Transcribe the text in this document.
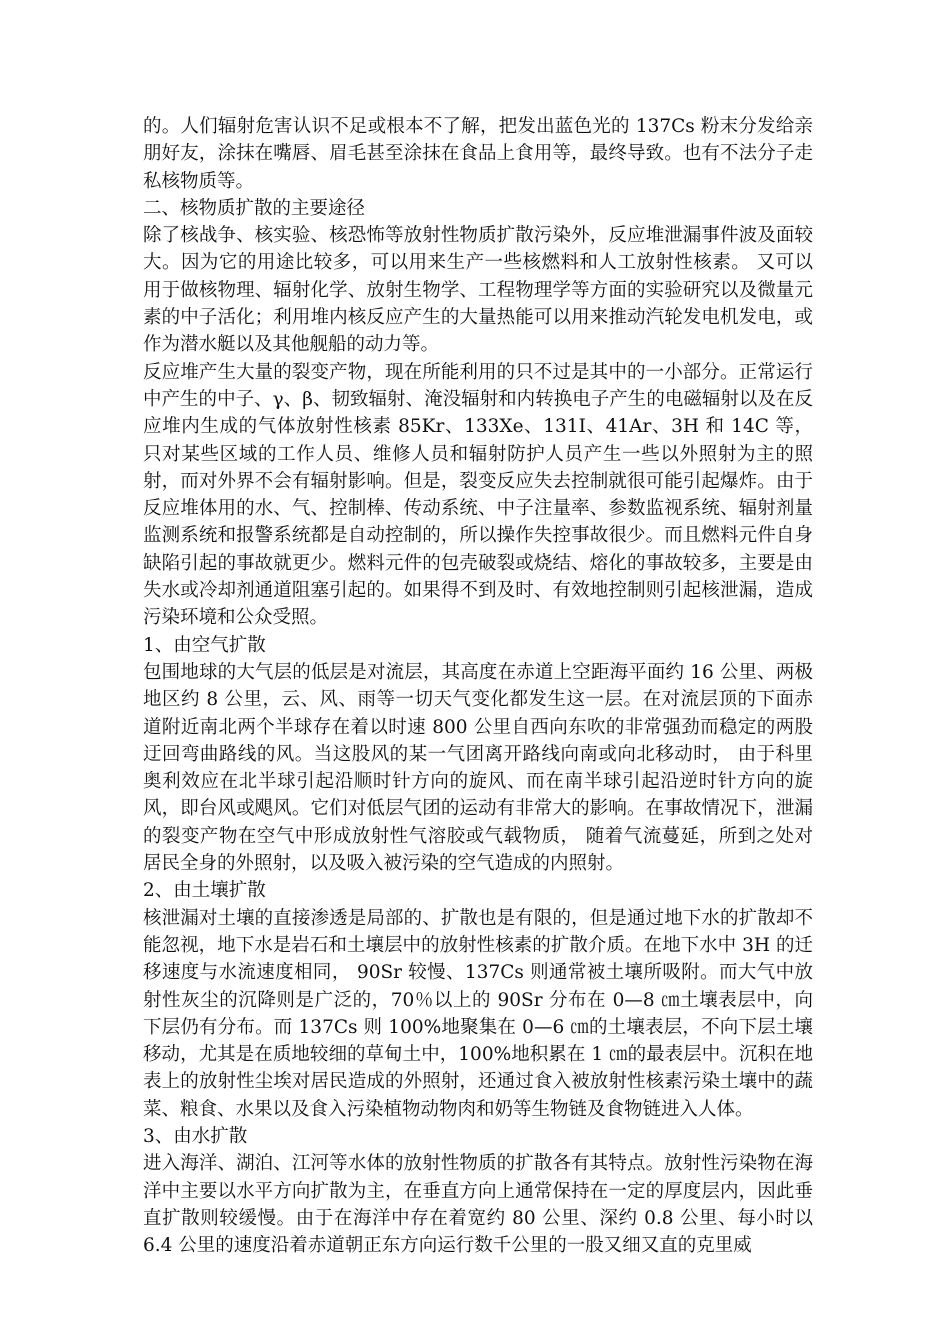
的。人们辐射危害认识不足或根本不了解，把发出蓝色光的 137Cs 粉末分发给亲朋好友，涂抹在嘴唇、眉毛甚至涂抹在食品上食用等，最终导致。也有不法分子走私核物质等。

二、核物质扩散的主要途径

除了核战争、核实验、核恐怖等放射性物质扩散污染外，反应堆泄漏事件波及面较大。因为它的用途比较多，可以用来生产一些核燃料和人工放射性核素。 又可以用于做核物理、辐射化学、放射生物学、工程物理学等方面的实验研究以及微量元素的中子活化；利用堆内核反应产生的大量热能可以用来推动汽轮发电机发电，或作为潜水艇以及其他舰船的动力等。

反应堆产生大量的裂变产物，现在所能利用的只不过是其中的一小部分。正常运行中产生的中子、γ、β、韧致辐射、淹没辐射和内转换电子产生的电磁辐射以及在反应堆内生成的气体放射性核素 85Kr、133Xe、131I、41Ar、3H 和 14C 等，只对某些区域的工作人员、维修人员和辐射防护人员产生一些以外照射为主的照射，而对外界不会有辐射影响。但是，裂变反应失去控制就很可能引起爆炸。由于反应堆体用的水、气、控制棒、传动系统、中子注量率、参数监视系统、辐射剂量监测系统和报警系统都是自动控制的，所以操作失控事故很少。而且燃料元件自身缺陷引起的事故就更少。燃料元件的包壳破裂或烧结、熔化的事故较多，主要是由失水或冷却剂通道阻塞引起的。如果得不到及时、有效地控制则引起核泄漏，造成污染环境和公众受照。

1、由空气扩散

包围地球的大气层的低层是对流层，其高度在赤道上空距海平面约 16 公里、两极地区约 8 公里，云、风、雨等一切天气变化都发生这一层。在对流层顶的下面赤道附近南北两个半球存在着以时速 800 公里自西向东吹的非常强劲而稳定的两股迂回弯曲路线的风。当这股风的某一气团离开路线向南或向北移动时， 由于科里奥利效应在北半球引起沿顺时针方向的旋风、而在南半球引起沿逆时针方向的旋风，即台风或飓风。它们对低层气团的运动有非常大的影响。在事故情况下，泄漏的裂变产物在空气中形成放射性气溶胶或气载物质， 随着气流蔓延，所到之处对居民全身的外照射，以及吸入被污染的空气造成的内照射。

2、由土壤扩散

核泄漏对土壤的直接渗透是局部的、扩散也是有限的，但是通过地下水的扩散却不能忽视，地下水是岩石和土壤层中的放射性核素的扩散介质。在地下水中 3H 的迁移速度与水流速度相同， 90Sr 较慢、137Cs 则通常被土壤所吸附。而大气中放射性灰尘的沉降则是广泛的，70％以上的 90Sr 分布在 0—8 ㎝土壤表层中，向下层仍有分布。而 137Cs 则 100%地聚集在 0—6 ㎝的土壤表层，不向下层土壤移动，尤其是在质地较细的草甸土中，100%地积累在 1 ㎝的最表层中。沉积在地表上的放射性尘埃对居民造成的外照射，还通过食入被放射性核素污染土壤中的蔬菜、粮食、水果以及食入污染植物动物肉和奶等生物链及食物链进入人体。

3、由水扩散

进入海洋、湖泊、江河等水体的放射性物质的扩散各有其特点。放射性污染物在海洋中主要以水平方向扩散为主，在垂直方向上通常保持在一定的厚度层内，因此垂直扩散则较缓慢。由于在海洋中存在着宽约 80 公里、深约 0.8 公里、每小时以 6.4 公里的速度沿着赤道朝正东方向运行数千公里的一股又细又直的克里威
